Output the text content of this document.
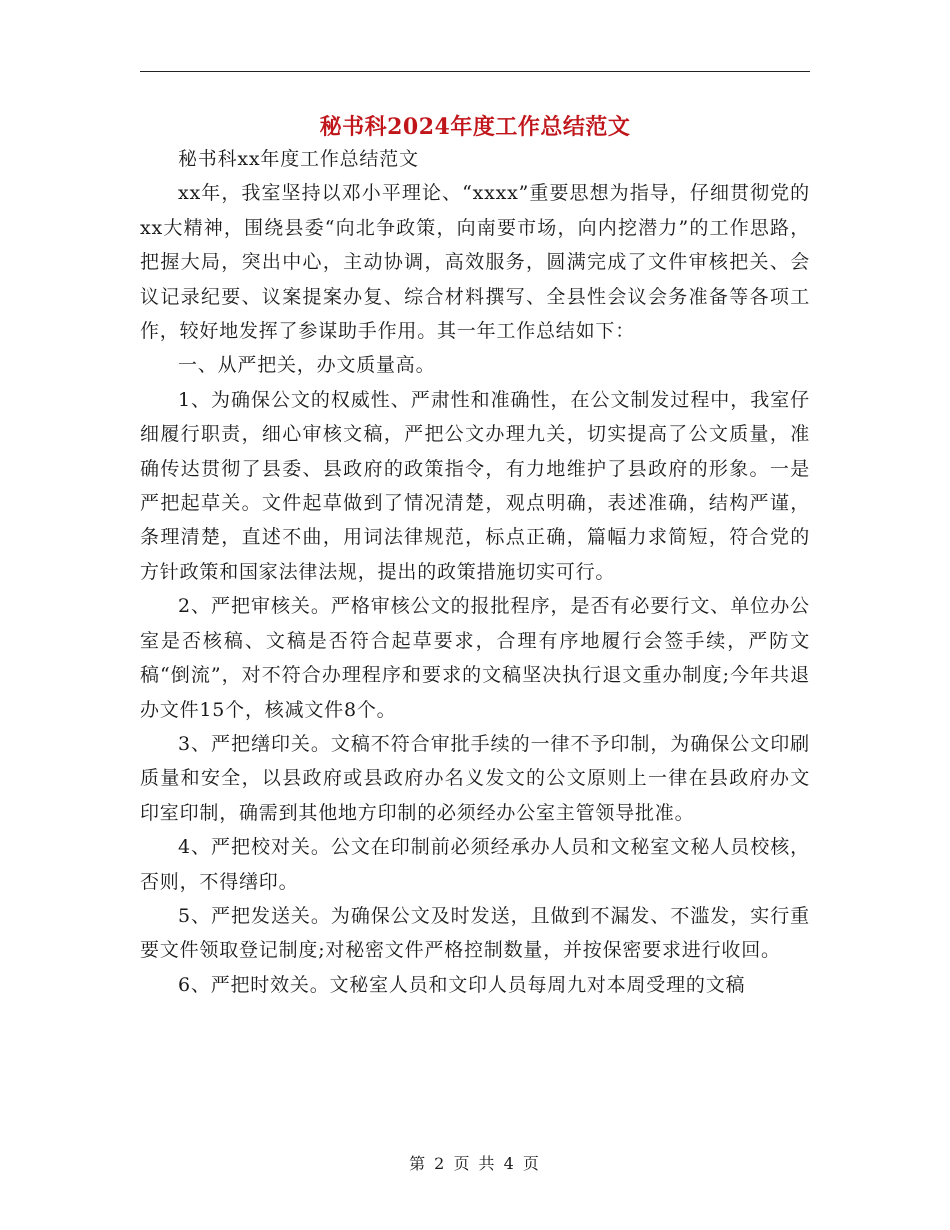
秘书科2024年度工作总结范文

秘书科xx年度工作总结范文

xx年，我室坚持以邓小平理论、“xxxx”重要思想为指导，仔细贯彻党的xx大精神，围绕县委“向北争政策，向南要市场，向内挖潜力”的工作思路，把握大局，突出中心，主动协调，高效服务，圆满完成了文件审核把关、会议记录纪要、议案提案办复、综合材料撰写、全县性会议会务准备等各项工作，较好地发挥了参谋助手作用。其一年工作总结如下：

一、从严把关，办文质量高。

1、为确保公文的权威性、严肃性和准确性，在公文制发过程中，我室仔细履行职责，细心审核文稿，严把公文办理九关，切实提高了公文质量，准确传达贯彻了县委、县政府的政策指令，有力地维护了县政府的形象。一是严把起草关。文件起草做到了情况清楚，观点明确，表述准确，结构严谨，条理清楚，直述不曲，用词法律规范，标点正确，篇幅力求简短，符合党的方针政策和国家法律法规，提出的政策措施切实可行。

2、严把审核关。严格审核公文的报批程序，是否有必要行文、单位办公室是否核稿、文稿是否符合起草要求，合理有序地履行会签手续，严防文稿“倒流”，对不符合办理程序和要求的文稿坚决执行退文重办制度;今年共退办文件15个，核减文件8个。

3、严把缮印关。文稿不符合审批手续的一律不予印制，为确保公文印刷质量和安全，以县政府或县政府办名义发文的公文原则上一律在县政府办文印室印制，确需到其他地方印制的必须经办公室主管领导批准。

4、严把校对关。公文在印制前必须经承办人员和文秘室文秘人员校核，否则，不得缮印。

5、严把发送关。为确保公文及时发送，且做到不漏发、不滥发，实行重要文件领取登记制度;对秘密文件严格控制数量，并按保密要求进行收回。

6、严把时效关。文秘室人员和文印人员每周九对本周受理的文稿

第 2 页 共 4 页
